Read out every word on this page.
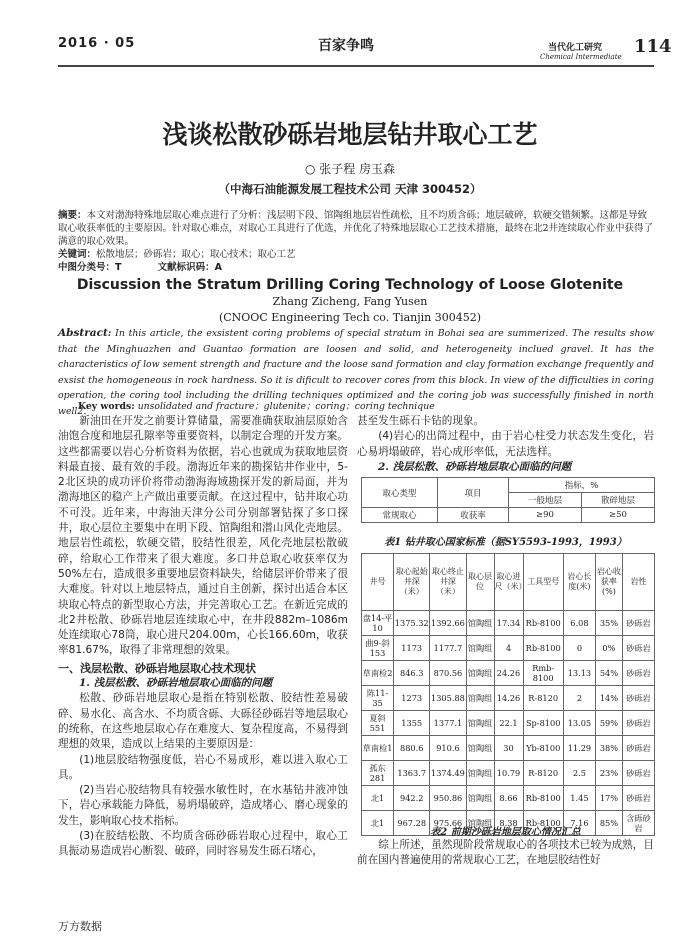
2016 · 05	百家争鸣	当代化工研究
Chemical Intermediate 114
浅谈松散砂砾岩地层钻井取心工艺
○ 张子程 房玉森
（中海石油能源发展工程技术公司 天津 300452）
摘要：本文对渤海特殊地层取心难点进行了分析：浅层明下段、馆陶组地层岩性疏松，且不均质含砾；地层破碎，软硬交错频繁。这都是导致取心收获率低的主要原因。针对取心难点，对取心工具进行了优选，并优化了特殊地层取心工艺技术措施，最终在北2井连续取心作业中获得了满意的取心效果。
关键词：松散地层；砂砾岩；取心；取心技术；取心工艺
中图分类号：T	文献标识码：A
Discussion the Stratum Drilling Coring Technology of Loose Glotenite
Zhang Zicheng, Fang Yusen
(CNOOC Engineering Tech co. Tianjin 300452)
Abstract: In this article, the exsistent coring problems of special stratum in Bohai sea are summerized. The results show that the Minghuazhen and Guantao formation are loosen and solid, and heterogeneity inclued gravel. It has the characteristics of low sement strength and fracture and the loose sand formation and clay formation exchange frequently and exsist the homogeneous in rock hardness. So it is dificult to recover cores from this block. In view of the difficulties in coring operation, the coring tool including the drilling techniques optimized and the coring job was successfully finished in north well2.
Key words: unsolidated and fracture；glutenite；coring；coring technique

新油田在开发之前要计算储量，需要准确获取油层原始含油饱合度和地层孔隙率等重要资料，以制定合理的开发方案。这些都需要以岩心分析资料为依据，岩心也就成为获取地层资料最直接、最有效的手段。渤海近年来的勘探钻井作业中，5-2北区块的成功评价将带动渤海海域勘探开发的新局面，并为渤海地区的稳产上产做出重要贡献。在这过程中，钻井取心功不可没。近年来，中海油天津分公司分别部署钻探了多口探井，取心层位主要集中在明下段、馆陶组和潜山风化壳地层。地层岩性疏松，软硬交错，胶结性很差，风化壳地层松散破碎，给取心工作带来了很大难度。多口井总取心收获率仅为50%左右，造成很多重要地层资料缺失，给储层评价带来了很大难度。针对以上地层特点，通过自主创新，探讨出适合本区块取心特点的新型取心方法，并完善取心工艺。在新近完成的北2井松散、砂砾岩地层连续取心中，在井段882m–1086m处连续取心78筒，取心进尺204.00m，心长166.60m，收获率81.67%，取得了非常理想的效果。

一、浅层松散、砂砾岩地层取心技术现状

1. 浅层松散、砂砾岩地层取心面临的问题

松散、砂砾岩地层取心是指在特别松散、胶结性差易破碎、易水化、高含水、不均质含砾、大砾径砂砾岩等地层取心的统称，在这些地层取心存在难度大、复杂程度高，不易得到理想的效果，造成以上结果的主要原因是：

(1)地层胶结物强度低，岩心不易成形，难以进入取心工具。

(2)当岩心胶结物具有较强水敏性时，在水基钻井液冲蚀下，岩心承载能力降低，易坍塌破碎，造成堵心、磨心现象的发生，影响取心技术指标。

(3)在胶结松散、不均质含砾砂砾岩取心过程中，取心工具振动易造成岩心断裂、破碎，同时容易发生砾石堵心，

甚至发生砾石卡钻的现象。

(4)岩心的出筒过程中，由于岩心柱受力状态发生变化，岩心易坍塌破碎，岩心成形率低，无法选样。

2. 浅层松散、砂砾岩地层取心面临的问题

取心类型	项目	指标，%	
		一般地层	散碎地层
常规取心	收获率	≥90	≥50
表1 钻井取心国家标准（据SY5593-1993，1993）
井号	取心起始井深（米）	取心终止井深（米）	取心层位	取心进尺（米）	工具型号	岩心长度(米)	岩心收获率(%)	岩性
盘14-平10	1375.32	1392.66	馆陶组	17.34	Rb-8100	6.08	35%	砂砾岩
曲9-斜153	1173	1177.7	馆陶组	4	Rb-8100	0	0%	砂砾岩
草南检2	846.3	870.56	馆陶组	24.26	Rmb-8100	13.13	54%	砂砾岩
陈11-35	1273	1305.88	馆陶组	14.26	R-8120	2	14%	砂砾岩
夏斜551	1355	1377.1	馆陶组	22.1	Sp-8100	13.05	59%	砂砾岩
草南检1	880.6	910.6	馆陶组	30	Yb-8100	11.29	38%	砂砾岩
孤东281	1363.7	1374.49	馆陶组	10.79	R-8120	2.5	23%	砂砾岩
北1	942.2	950.86	馆陶组	8.66	Rb-8100	1.45	17%	砂砾岩
北1	967.28	975.66	馆陶组	8.38	Rb-8100	7.16	85%	含砾砂岩
表2 前期沙砾岩地层取心情况汇总

综上所述，虽然现阶段常规取心的各项技术已较为成熟，目前在国内普遍使用的常规取心工艺，在地层胶结性好

万方数据
